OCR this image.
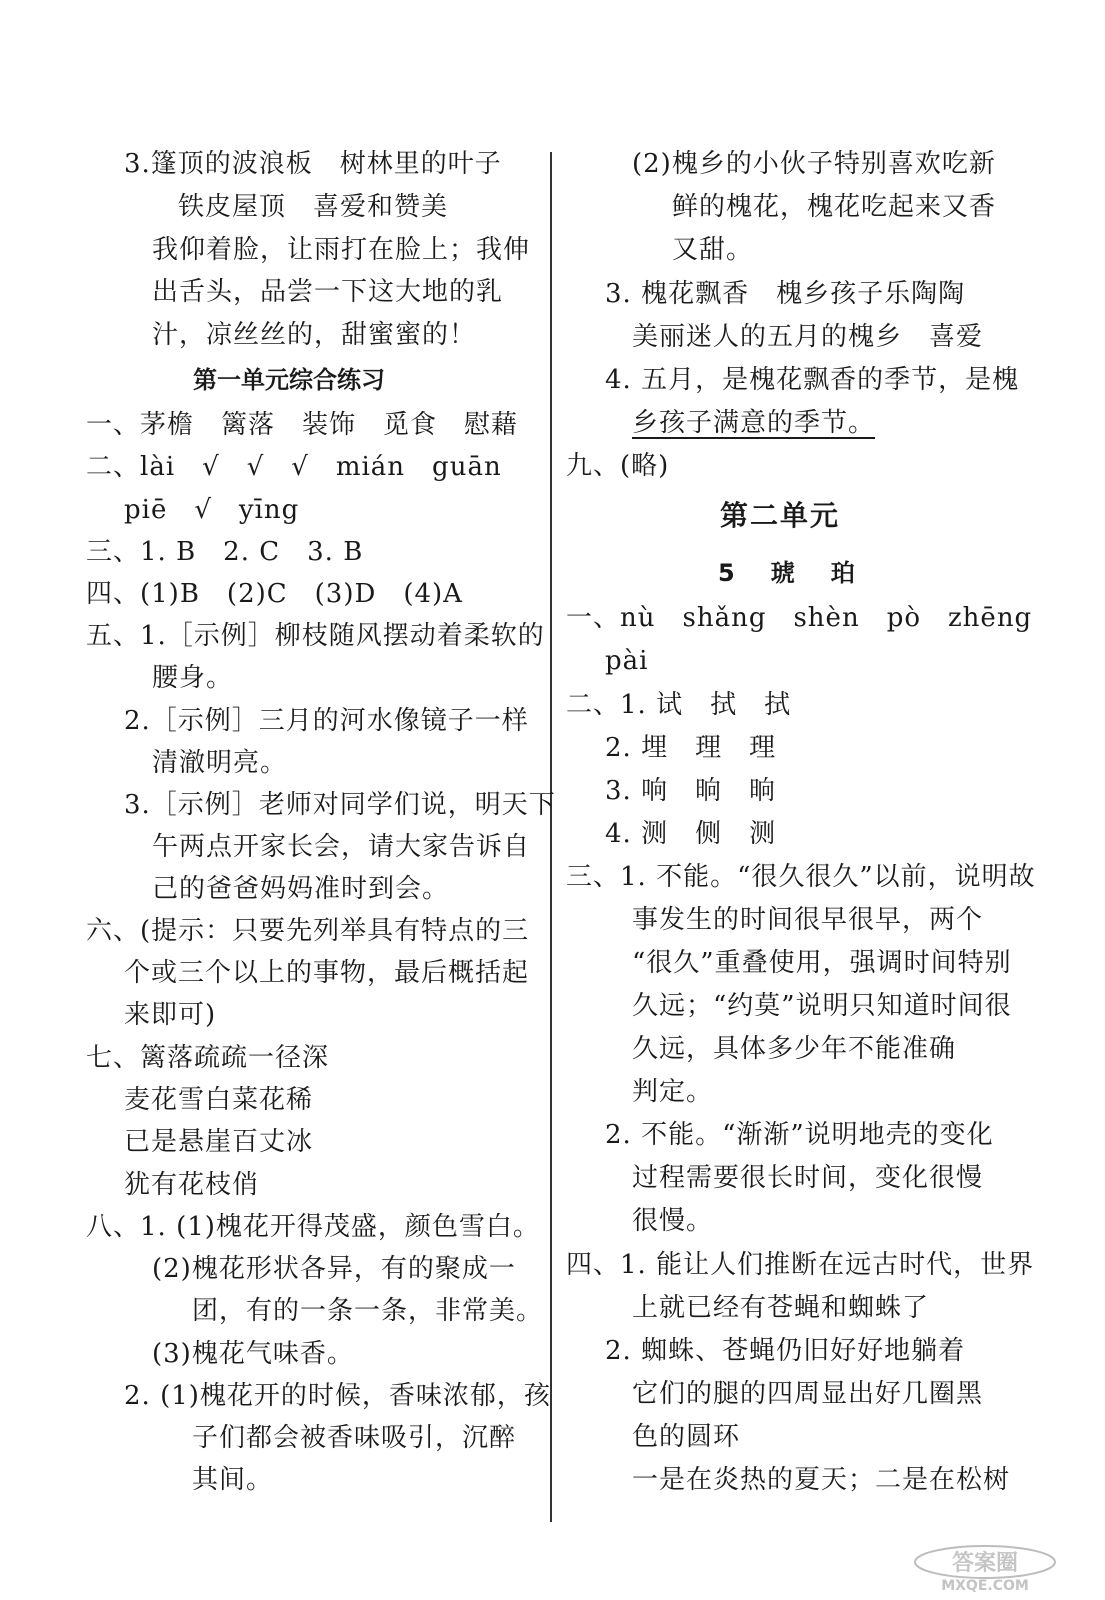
3.篷顶的波浪板　树林里的叶子
铁皮屋顶　喜爱和赞美
我仰着脸，让雨打在脸上；我伸
出舌头，品尝一下这大地的乳
汁，凉丝丝的，甜蜜蜜的！
第一单元综合练习
一、茅檐　篱落　装饰　觅食　慰藉
二、lài　√　√　√　mián　guān
piē　√　yīng
三、1. B　2. C　3. B
四、(1)B　(2)C　(3)D　(4)A
五、1.［示例］柳枝随风摆动着柔软的
腰身。
2.［示例］三月的河水像镜子一样
清澈明亮。
3.［示例］老师对同学们说，明天下
午两点开家长会，请大家告诉自
己的爸爸妈妈准时到会。
六、(提示：只要先列举具有特点的三
个或三个以上的事物，最后概括起
来即可)
七、篱落疏疏一径深
麦花雪白菜花稀
已是悬崖百丈冰
犹有花枝俏
八、1. (1)槐花开得茂盛，颜色雪白。
(2)槐花形状各异，有的聚成一
团，有的一条一条，非常美。
(3)槐花气味香。
2. (1)槐花开的时候，香味浓郁，孩
子们都会被香味吸引，沉醉
其间。
(2)槐乡的小伙子特别喜欢吃新
鲜的槐花，槐花吃起来又香
又甜。
3. 槐花飘香　槐乡孩子乐陶陶
美丽迷人的五月的槐乡　喜爱
4. 五月，是槐花飘香的季节，是槐
乡孩子满意的季节。
九、(略)
第二单元
5　琥　珀
一、nù　shǎng　shèn　pò　zhēng
pài
二、1. 试　拭　拭
2. 埋　理　理
3. 响　晌　晌
4. 测　侧　测
三、1. 不能。“很久很久”以前，说明故
事发生的时间很早很早，两个
“很久”重叠使用，强调时间特别
久远；“约莫”说明只知道时间很
久远，具体多少年不能准确
判定。
2. 不能。“渐渐”说明地壳的变化
过程需要很长时间，变化很慢
很慢。
四、1. 能让人们推断在远古时代，世界
上就已经有苍蝇和蜘蛛了
2. 蜘蛛、苍蝇仍旧好好地躺着
它们的腿的四周显出好几圈黑
色的圆环
一是在炎热的夏天；二是在松树
答案圈
MXQE.COM
